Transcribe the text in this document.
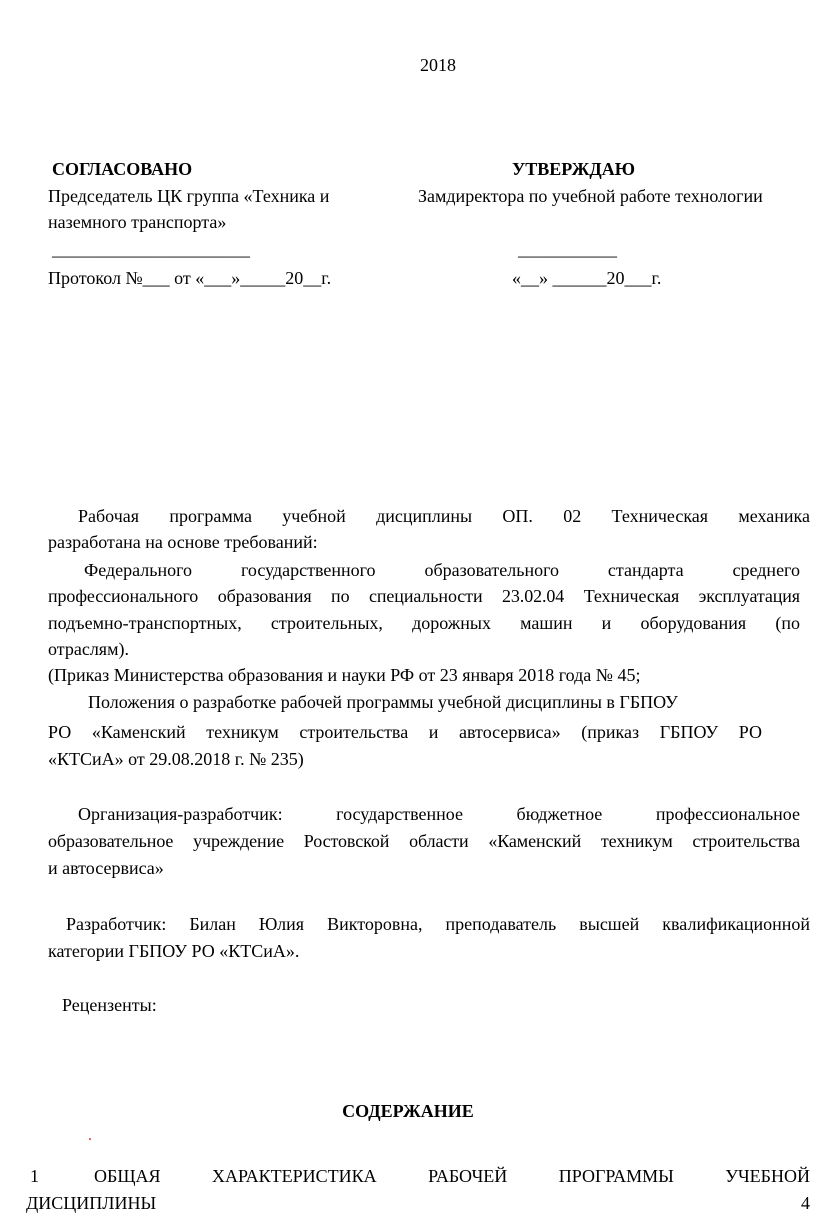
2018
СОГЛАСОВАНО
Председатель ЦК группа «Техника и
наземного транспорта»
______________________
Протокол №___ от «___»_____20__г.
УТВЕРЖДАЮ
Замдиректора по учебной работе технологии
___________
«__» ______20___г.
Рабочая программа учебной дисциплины ОП. 02 Техническая механика
разработана на основе требований:
Федерального государственного образовательного стандарта среднего
профессионального образования по специальности 23.02.04 Техническая эксплуатация
подъемно-транспортных, строительных, дорожных машин и оборудования (по
отраслям).
(Приказ Министерства образования и науки РФ от 23 января 2018 года № 45;
Положения о разработке рабочей программы учебной дисциплины в ГБПОУ
РО «Каменский техникум строительства и автосервиса» (приказ ГБПОУ РО
«КТСиА» от 29.08.2018 г. № 235)
Организация-разработчик: государственное бюджетное профессиональное
образовательное учреждение Ростовской области «Каменский техникум строительства
и автосервиса»
Разработчик: Билан Юлия Викторовна, преподаватель высшей квалификационной
категории ГБПОУ РО «КТСиА».
Рецензенты:
СОДЕРЖАНИЕ
.
1	ОБЩАЯ ХАРАКТЕРИСТИКА РАБОЧЕЙ ПРОГРАММЫ УЧЕБНОЙ
ДИСЦИПЛИНЫ	4
